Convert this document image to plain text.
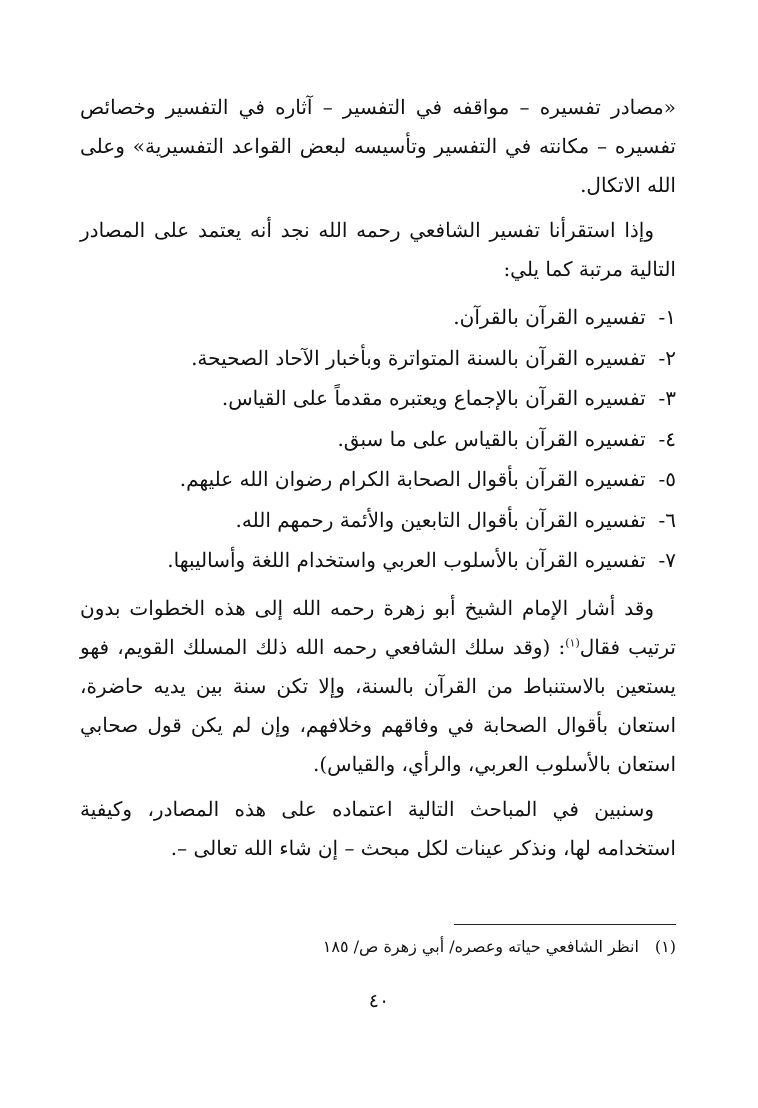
«مصادر تفسيره – مواقفه في التفسير – آثاره في التفسير وخصائص تفسيره – مكانته في التفسير وتأسيسه لبعض القواعد التفسيرية» وعلى الله الاتكال.

وإذا استقرأنا تفسير الشافعي رحمه الله نجد أنه يعتمد على المصادر التالية مرتبة كما يلي:

١- تفسيره القرآن بالقرآن.
٢- تفسيره القرآن بالسنة المتواترة وبأخبار الآحاد الصحيحة.
٣- تفسيره القرآن بالإجماع ويعتبره مقدماً على القياس.
٤- تفسيره القرآن بالقياس على ما سبق.
٥- تفسيره القرآن بأقوال الصحابة الكرام رضوان الله عليهم.
٦- تفسيره القرآن بأقوال التابعين والأئمة رحمهم الله.
٧- تفسيره القرآن بالأسلوب العربي واستخدام اللغة وأساليبها.

وقد أشار الإمام الشيخ أبو زهرة رحمه الله إلى هذه الخطوات بدون ترتيب فقال$^{(١)}$: (وقد سلك الشافعي رحمه الله ذلك المسلك القويم، فهو يستعين بالاستنباط من القرآن بالسنة، وإلا تكن سنة بين يديه حاضرة، استعان بأقوال الصحابة في وفاقهم وخلافهم، وإن لم يكن قول صحابي استعان بالأسلوب العربي، والرأي، والقياس).

وسنبين في المباحث التالية اعتماده على هذه المصادر، وكيفية استخدامه لها، ونذكر عينات لكل مبحث – إن شاء الله تعالى –.

(١)انظر الشافعي حياته وعصره/ أبي زهرة ص/ ١٨٥
٤٠
